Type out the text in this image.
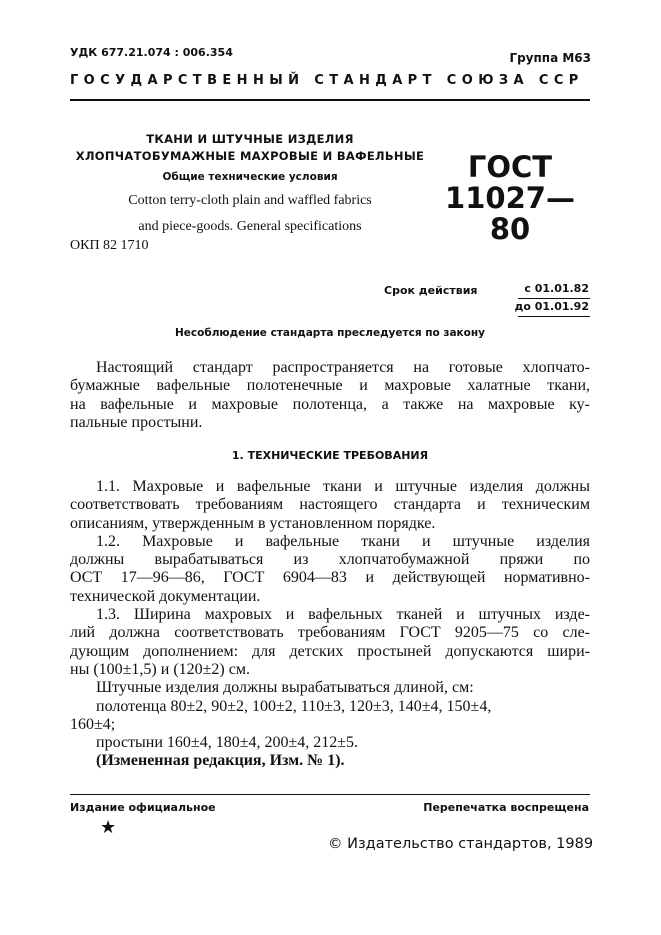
УДК 677.21.074 : 006.354	Группа М63
ГОСУДАРСТВЕННЫЙ СТАНДАРТ СОЮЗА ССР
ТКАНИ И ШТУЧНЫЕ ИЗДЕЛИЯ
ХЛОПЧАТОБУМАЖНЫЕ МАХРОВЫЕ И ВАФЕЛЬНЫЕ
Общие технические условия
Cotton terry-cloth plain and waffled fabrics
and piece-goods. General specifications
ГОСТ
11027—80
ОКП 82 1710
Срок действия	с 01.01.82
до 01.01.92
Несоблюдение стандарта преследуется по закону
Настоящий стандарт распространяется на готовые хлопчато-
бумажные вафельные полотенечные и махровые халатные ткани,
на вафельные и махровые полотенца, а также на махровые ку-
пальные простыни.
1. ТЕХНИЧЕСКИЕ ТРЕБОВАНИЯ
1.1. Махровые и вафельные ткани и штучные изделия должны
соответствовать требованиям настоящего стандарта и техническим
описаниям, утвержденным в установленном порядке.
1.2. Махровые и вафельные ткани и штучные изделия
должны вырабатываться из хлопчатобумажной пряжи по
ОСТ 17—96—86, ГОСТ 6904—83 и действующей нормативно-
технической документации.
1.3. Ширина махровых и вафельных тканей и штучных изде-
лий должна соответствовать требованиям ГОСТ 9205—75 со сле-
дующим дополнением: для детских простыней допускаются шири-
ны (100±1,5) и (120±2) см.
Штучные изделия должны вырабатываться длиной, см:
полотенца 80±2, 90±2, 100±2, 110±3, 120±3, 140±4, 150±4,
160±4;
простыни 160±4, 180±4, 200±4, 212±5.
(Измененная редакция, Изм. № 1).
Издание официальное	Перепечатка воспрещена
★
© Издательство стандартов, 1989
